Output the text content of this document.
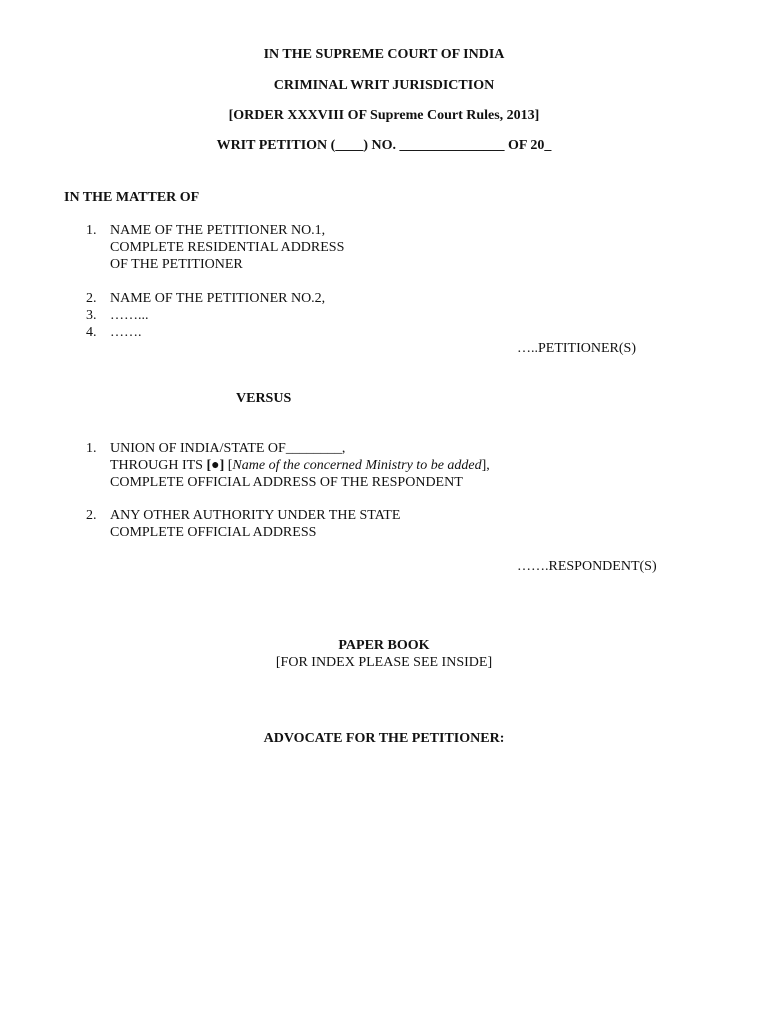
IN THE SUPREME COURT OF INDIA
CRIMINAL WRIT JURISDICTION
[ORDER XXXVIII OF Supreme Court Rules, 2013]
WRIT PETITION (____) NO. _______________ OF 20_
IN THE MATTER OF
1. NAME OF THE PETITIONER NO.1,
COMPLETE RESIDENTIAL ADDRESS
OF THE PETITIONER
2. NAME OF THE PETITIONER NO.2,
3. ……...
4. …….
…..PETITIONER(S)
VERSUS
1. UNION OF INDIA/STATE OF________,
THROUGH ITS [●] [Name of the concerned Ministry to be added],
COMPLETE OFFICIAL ADDRESS OF THE RESPONDENT
2. ANY OTHER AUTHORITY UNDER THE STATE
COMPLETE OFFICIAL ADDRESS
…….RESPONDENT(S)
PAPER BOOK
[FOR INDEX PLEASE SEE INSIDE]
ADVOCATE FOR THE PETITIONER:
